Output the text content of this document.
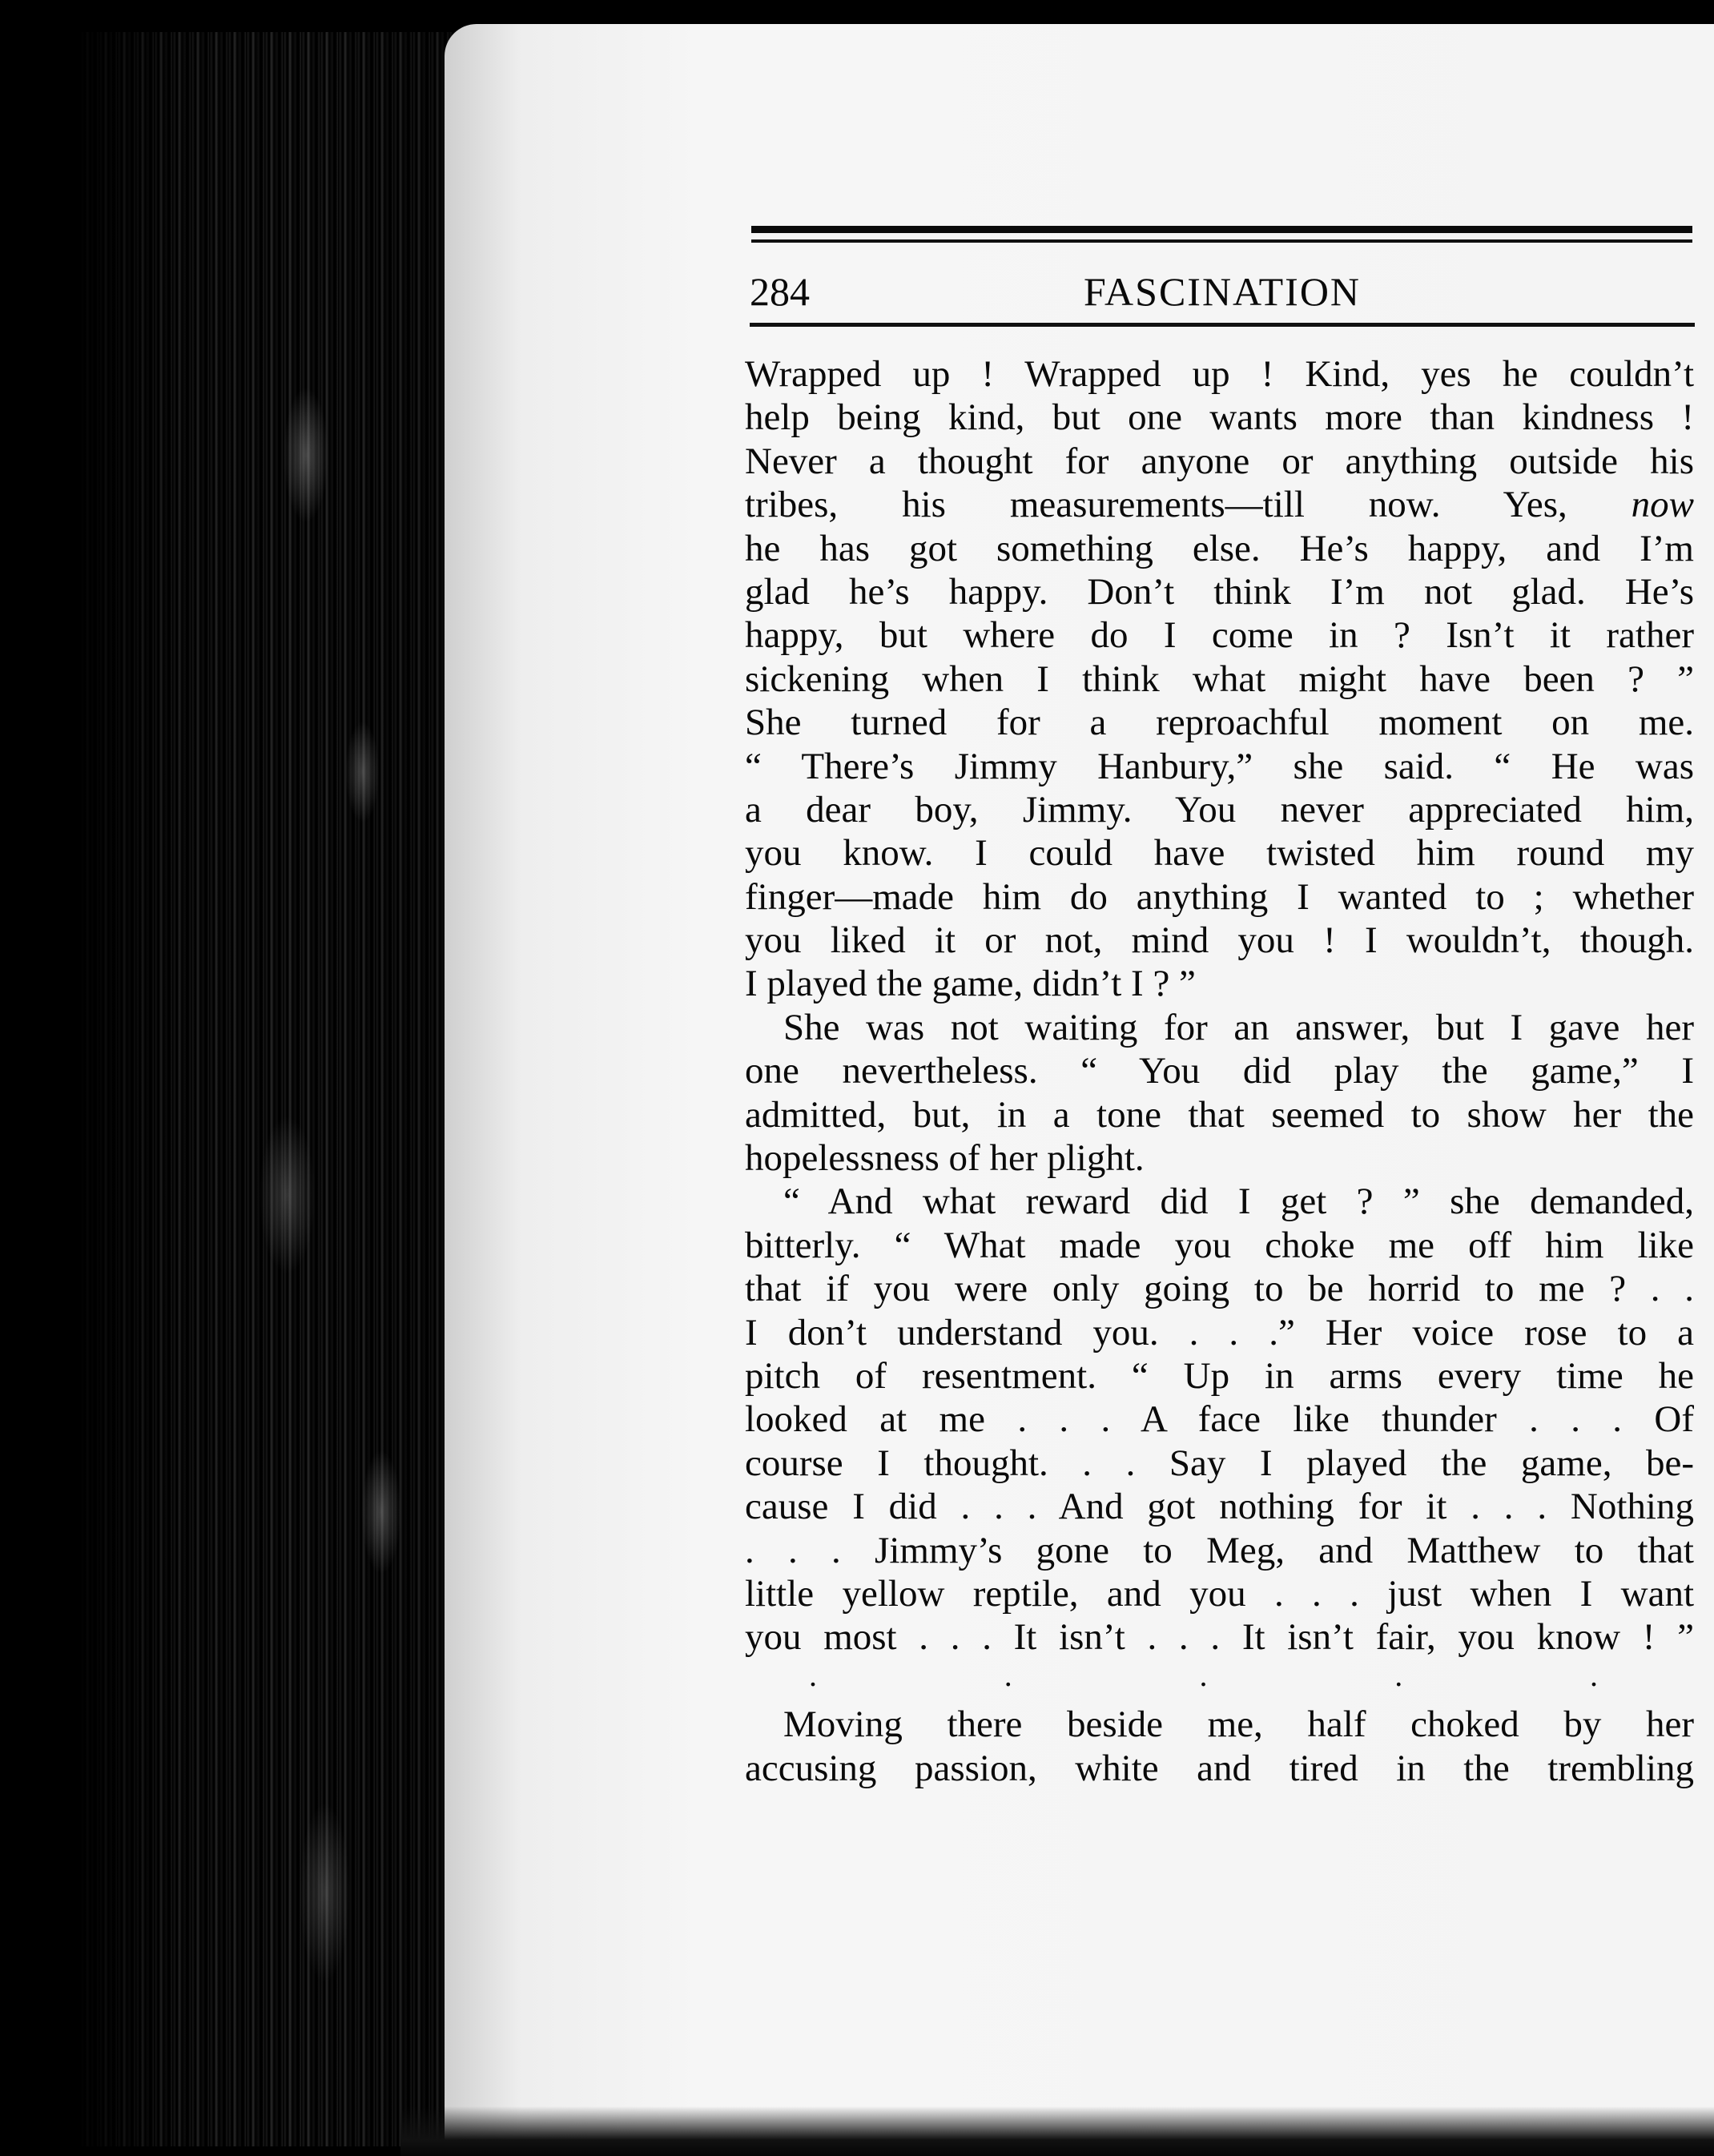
284	FASCINATION
Wrapped up ! Wrapped up ! Kind, yes he couldn’t
help being kind, but one wants more than kindness !
Never a thought for anyone or anything outside his
tribes, his measurements—till now. Yes, now
he has got something else. He’s happy, and I’m
glad he’s happy. Don’t think I’m not glad. He’s
happy, but where do I come in ? Isn’t it rather
sickening when I think what might have been ? ”
She turned for a reproachful moment on me.
“ There’s Jimmy Hanbury,” she said. “ He was
a dear boy, Jimmy. You never appreciated him,
you know. I could have twisted him round my
finger—made him do anything I wanted to ; whether
you liked it or not, mind you ! I wouldn’t, though.
I played the game, didn’t I ? ”
She was not waiting for an answer, but I gave her
one nevertheless. “ You did play the game,” I
admitted, but, in a tone that seemed to show her the
hopelessness of her plight.
“ And what reward did I get ? ” she demanded,
bitterly. “ What made you choke me off him like
that if you were only going to be horrid to me ? . .
I don’t understand you. . . .” Her voice rose to a
pitch of resentment. “ Up in arms every time he
looked at me . . . A face like thunder . . . Of
course I thought. . . Say I played the game, be-
cause I did . . . And got nothing for it . . . Nothing
. . . Jimmy’s gone to Meg, and Matthew to that
little yellow reptile, and you . . . just when I want
you most . . . It isn’t . . . It isn’t fair, you know ! ”
. . . . .
Moving there beside me, half choked by her
accusing passion, white and tired in the trembling
